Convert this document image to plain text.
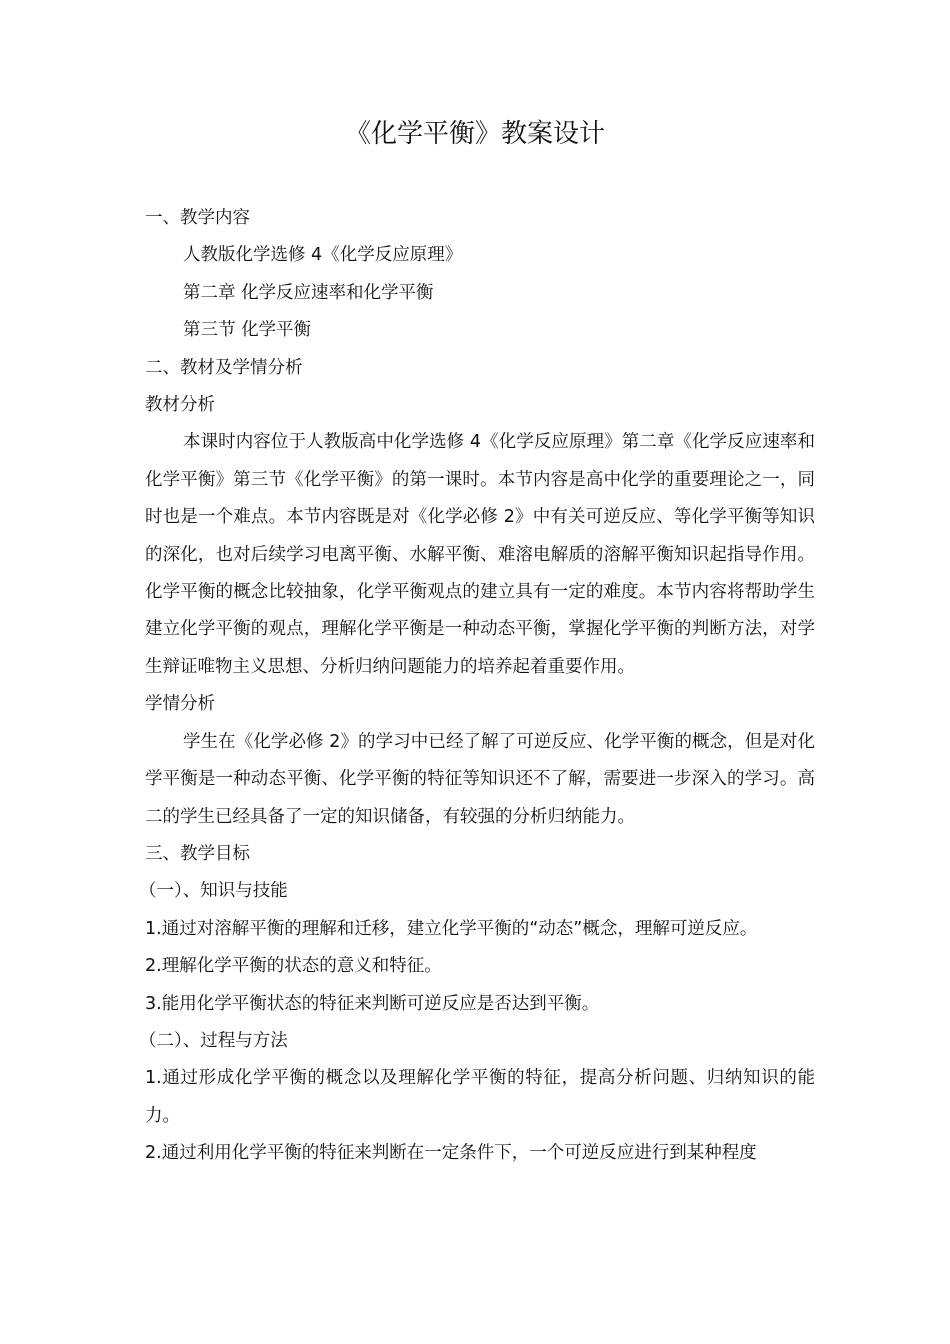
《化学平衡》教案设计

一、教学内容

人教版化学选修 4《化学反应原理》

第二章 化学反应速率和化学平衡

第三节 化学平衡

二、教材及学情分析

教材分析

本课时内容位于人教版高中化学选修 4《化学反应原理》第二章《化学反应速率和化学平衡》第三节《化学平衡》的第一课时。本节内容是高中化学的重要理论之一，同时也是一个难点。本节内容既是对《化学必修 2》中有关可逆反应、等化学平衡等知识的深化，也对后续学习电离平衡、水解平衡、难溶电解质的溶解平衡知识起指导作用。化学平衡的概念比较抽象，化学平衡观点的建立具有一定的难度。本节内容将帮助学生建立化学平衡的观点，理解化学平衡是一种动态平衡，掌握化学平衡的判断方法，对学生辩证唯物主义思想、分析归纳问题能力的培养起着重要作用。

学情分析

学生在《化学必修 2》的学习中已经了解了可逆反应、化学平衡的概念，但是对化学平衡是一种动态平衡、化学平衡的特征等知识还不了解，需要进一步深入的学习。高二的学生已经具备了一定的知识储备，有较强的分析归纳能力。

三、教学目标

（一）、知识与技能

1.通过对溶解平衡的理解和迁移，建立化学平衡的“动态”概念，理解可逆反应。

2.理解化学平衡的状态的意义和特征。

3.能用化学平衡状态的特征来判断可逆反应是否达到平衡。

（二）、过程与方法

1.通过形成化学平衡的概念以及理解化学平衡的特征，提高分析问题、归纳知识的能力。

2.通过利用化学平衡的特征来判断在一定条件下，一个可逆反应进行到某种程度
